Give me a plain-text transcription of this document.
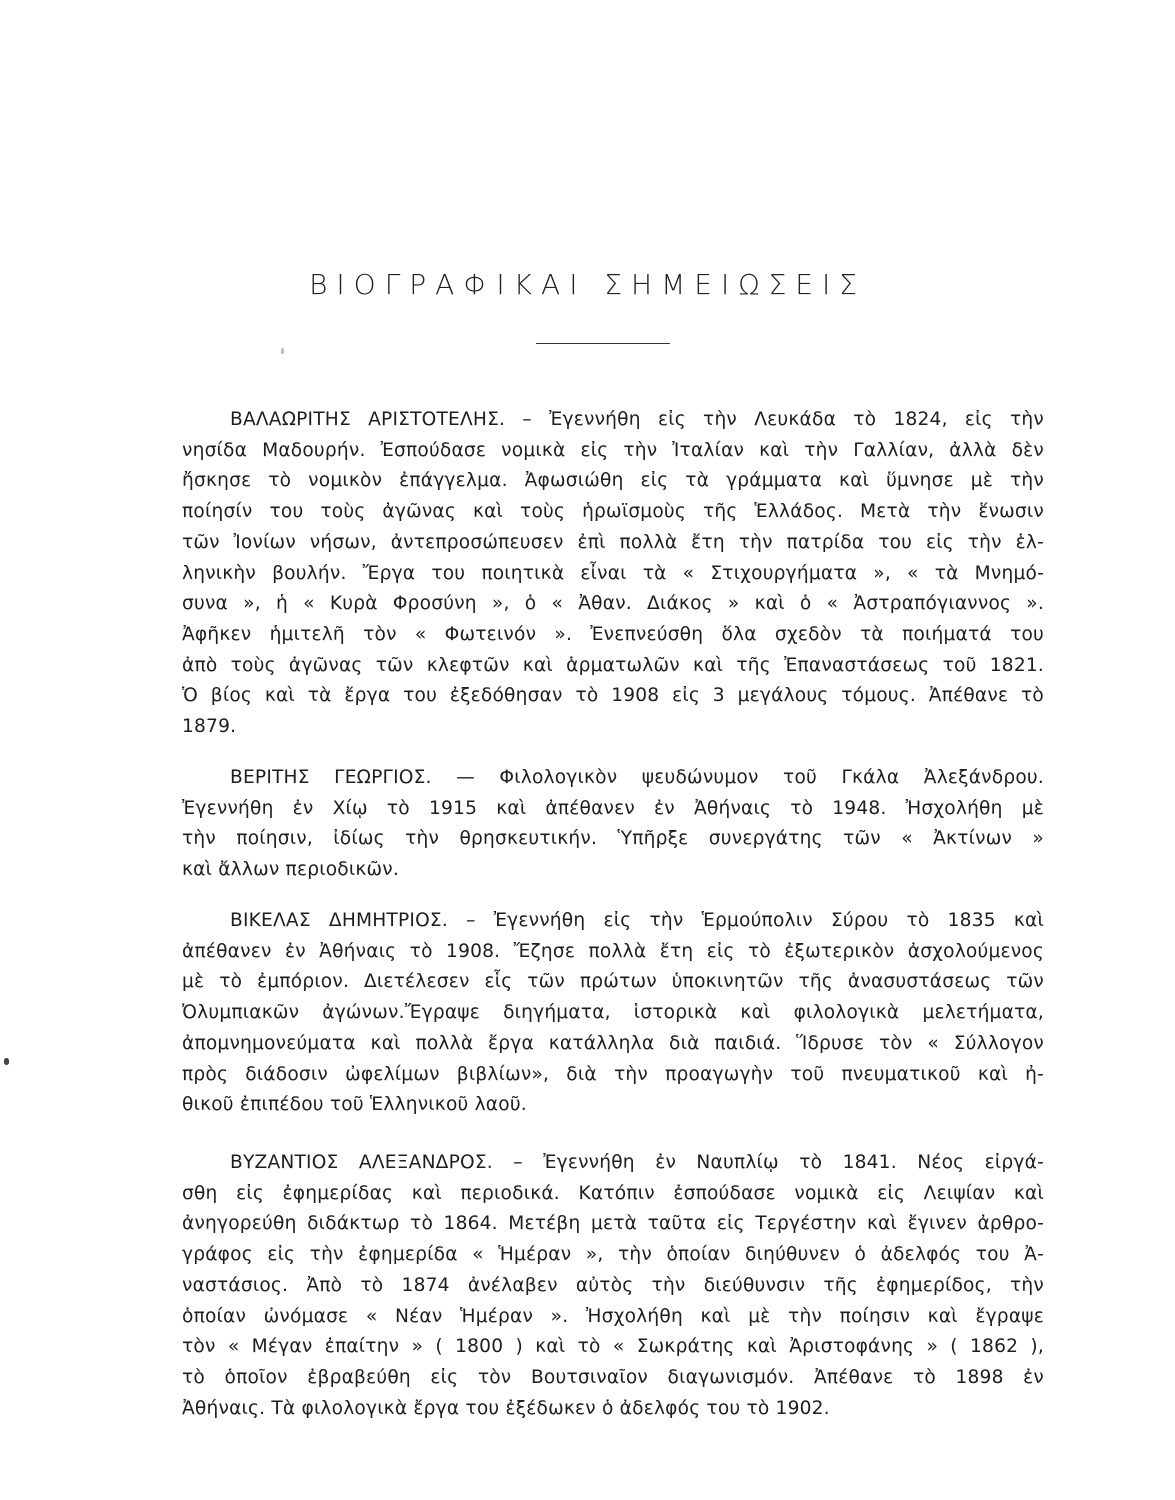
ΒΙΟΓΡΑΦΙΚΑΙ ΣΗΜΕΙΩΣΕΙΣ
ΒΑΛΑΩΡΙΤΗΣ ΑΡΙΣΤΟΤΕΛΗΣ. – Ἐγεννήθη εἰς τὴν Λευκάδα τὸ 1824, εἰς τὴν
νησίδα Μαδουρήν. Ἐσπούδασε νομικὰ εἰς τὴν Ἰταλίαν καὶ τὴν Γαλλίαν, ἀλλὰ δὲν
ἤσκησε τὸ νομικὸν ἐπάγγελμα. Ἀφωσιώθη εἰς τὰ γράμματα καὶ ὕμνησε μὲ τὴν
ποίησίν του τοὺς ἀγῶνας καὶ τοὺς ἡρωϊσμοὺς τῆς Ἑλλάδος. Μετὰ τὴν ἕνωσιν
τῶν Ἰονίων νήσων, ἀντεπροσώπευσεν ἐπὶ πολλὰ ἔτη τὴν πατρίδα του εἰς τὴν ἑλ-
ληνικὴν βουλήν. Ἔργα του ποιητικὰ εἶναι τὰ « Στιχουργήματα », « τὰ Μνημό-
συνα », ἡ « Κυρὰ Φροσύνη », ὁ « Ἀθαν. Διάκος » καὶ ὁ « Ἀστραπόγιαννος ».
Ἀφῆκεν ἡμιτελῆ τὸν « Φωτεινόν ». Ἐνεπνεύσθη ὅλα σχεδὸν τὰ ποιήματά του
ἀπὸ τοὺς ἀγῶνας τῶν κλεφτῶν καὶ ἁρματωλῶν καὶ τῆς Ἐπαναστάσεως τοῦ 1821.
Ὁ βίος καὶ τὰ ἔργα του ἐξεδόθησαν τὸ 1908 εἰς 3 μεγάλους τόμους. Ἀπέθανε τὸ
1879.
ΒΕΡΙΤΗΣ ΓΕΩΡΓΙΟΣ. — Φιλολογικὸν ψευδώνυμον τοῦ Γκάλα Ἀλεξάνδρου.
Ἐγεννήθη ἐν Χίῳ τὸ 1915 καὶ ἀπέθανεν ἐν Ἀθήναις τὸ 1948. Ἠσχολήθη μὲ
τὴν ποίησιν, ἰδίως τὴν θρησκευτικήν. Ὑπῆρξε συνεργάτης τῶν « Ἀκτίνων »
καὶ ἄλλων περιοδικῶν.
ΒΙΚΕΛΑΣ ΔΗΜΗΤΡΙΟΣ. – Ἐγεννήθη εἰς τὴν Ἑρμούπολιν Σύρου τὸ 1835 καὶ
ἀπέθανεν ἐν Ἀθήναις τὸ 1908. Ἔζησε πολλὰ ἔτη εἰς τὸ ἐξωτερικὸν ἀσχολούμενος
μὲ τὸ ἐμπόριον. Διετέλεσεν εἷς τῶν πρώτων ὑποκινητῶν τῆς ἀνασυστάσεως τῶν
Ὀλυμπιακῶν ἀγώνων.Ἔγραψε διηγήματα, ἱστορικὰ καὶ φιλολογικὰ μελετήματα,
ἀπομνημονεύματα καὶ πολλὰ ἔργα κατάλληλα διὰ παιδιά. Ἵδρυσε τὸν « Σύλλογον
πρὸς διάδοσιν ὠφελίμων βιβλίων», διὰ τὴν προαγωγὴν τοῦ πνευματικοῦ καὶ ἠ-
θικοῦ ἐπιπέδου τοῦ Ἑλληνικοῦ λαοῦ.
ΒΥΖΑΝΤΙΟΣ ΑΛΕΞΑΝΔΡΟΣ. – Ἐγεννήθη ἐν Ναυπλίῳ τὸ 1841. Νέος εἰργά-
σθη εἰς ἐφημερίδας καὶ περιοδικά. Κατόπιν ἐσπούδασε νομικὰ εἰς Λειψίαν καὶ
ἀνηγορεύθη διδάκτωρ τὸ 1864. Μετέβη μετὰ ταῦτα εἰς Τεργέστην καὶ ἔγινεν ἀρθρο-
γράφος εἰς τὴν ἐφημερίδα « Ἡμέραν », τὴν ὁποίαν διηύθυνεν ὁ ἀδελφός του Ἀ-
ναστάσιος. Ἀπὸ τὸ 1874 ἀνέλαβεν αὐτὸς τὴν διεύθυνσιν τῆς ἐφημερίδος, τὴν
ὁποίαν ὠνόμασε « Νέαν Ἡμέραν ». Ἠσχολήθη καὶ μὲ τὴν ποίησιν καὶ ἔγραψε
τὸν « Μέγαν ἐπαίτην » ( 1800 ) καὶ τὸ « Σωκράτης καὶ Ἀριστοφάνης » ( 1862 ),
τὸ ὁποῖον ἐβραβεύθη εἰς τὸν Βουτσιναῖον διαγωνισμόν. Ἀπέθανε τὸ 1898 ἐν
Ἀθήναις. Τὰ φιλολογικὰ ἔργα του ἐξέδωκεν ὁ ἀδελφός του τὸ 1902.
